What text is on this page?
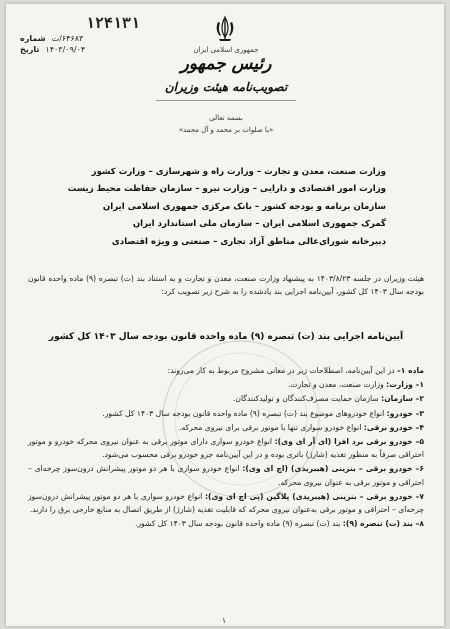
۱۲۴۱۳۱
شماره ۶۴۶۸۳/ت
تاریخ ۱۴۰۳/۰۹/۰۴	جمهوری اسلامی ایران
رئیس جمهور
تصویب‌نامه هیئت وزیران
بسمه تعالی
«با صلوات بر محمد و آل محمد»
وزارت صنعت، معدن و تجارت – وزارت راه و شهرسازی – وزارت کشور
وزارت امور اقتصادی و دارایی – وزارت نیرو – سازمان حفاظت محیط زیست
سازمان برنامه و بودجه کشور – بانک مرکزی جمهوری اسلامی ایران
گمرک جمهوری اسلامی ایران – سازمان ملی استاندارد ایران
دبیرخانه شورای‌عالی مناطق آزاد تجاری – صنعتی و ویژه اقتصادی
هیئت وزیران در جلسه ۱۴۰۳/۸/۲۳ به پیشنهاد وزارت صنعت، معدن و تجارت و به استناد بند (ت) تبصره (۹) ماده واحده قانون بودجه سال ۱۴۰۳ کل کشور، آیین‌نامه اجرایی بند یادشده را به شرح زیر تصویب کرد:
آیین‌نامه اجرایی بند (ت) تبصره (۹) ماده واحده قانون بودجه سال ۱۴۰۳ کل کشور

ماده ۱– در این آیین‌نامه، اصطلاحات زیر در معانی مشروح مربوط به کار می‌روند:

۱– وزارت: وزارت صنعت، معدن و تجارت.

۲– سازمان: سازمان حمایت مصرف‌کنندگان و تولیدکنندگان.

۳– خودرو: انواع خودروهای موضوع بند (ت) تبصره (۹) ماده واحده قانون بودجه سال ۱۴۰۳ کل کشور.

۴– خودرو برقی: انواع خودرو سواری تنها با موتور برقی برای نیروی محرکه.

۵– خودرو برقی برد افزا (ای آر ای وی): انواع خودرو سواری دارای موتور برقی به عنوان نیروی محرکه خودرو و موتور احتراقی صرفاً به منظور تغذیه (شارژ) باتری بوده و در این آیین‌نامه جزو خودرو برقی محسوب می‌شود.

۶– خودرو برقی – بنزینی (هیبریدی) (اچ ای وی): انواع خودرو سواری با هر دو موتور پیشرانش درون‌سوز چرخه‌ای – احتراقی و موتور برقی به عنوان نیروی محرکه.

۷– خودرو برقی – بنزینی (هیبریدی) پلاگین (پی اچ ای وی): انواع خودرو سواری با هر دو موتور پیشرانش درون‌سوز چرخه‌ای – احتراقی و موتور برقی به‌عنوان نیروی محرکه که قابلیت تغذیه (شارژ) از طریق اتصال به منابع خارجی برق را دارند.

۸– بند (ت) تبصره (۹): بند (ت) تبصره (۹) ماده واحده قانون بودجه سال ۱۴۰۳ کل کشور.

۱
